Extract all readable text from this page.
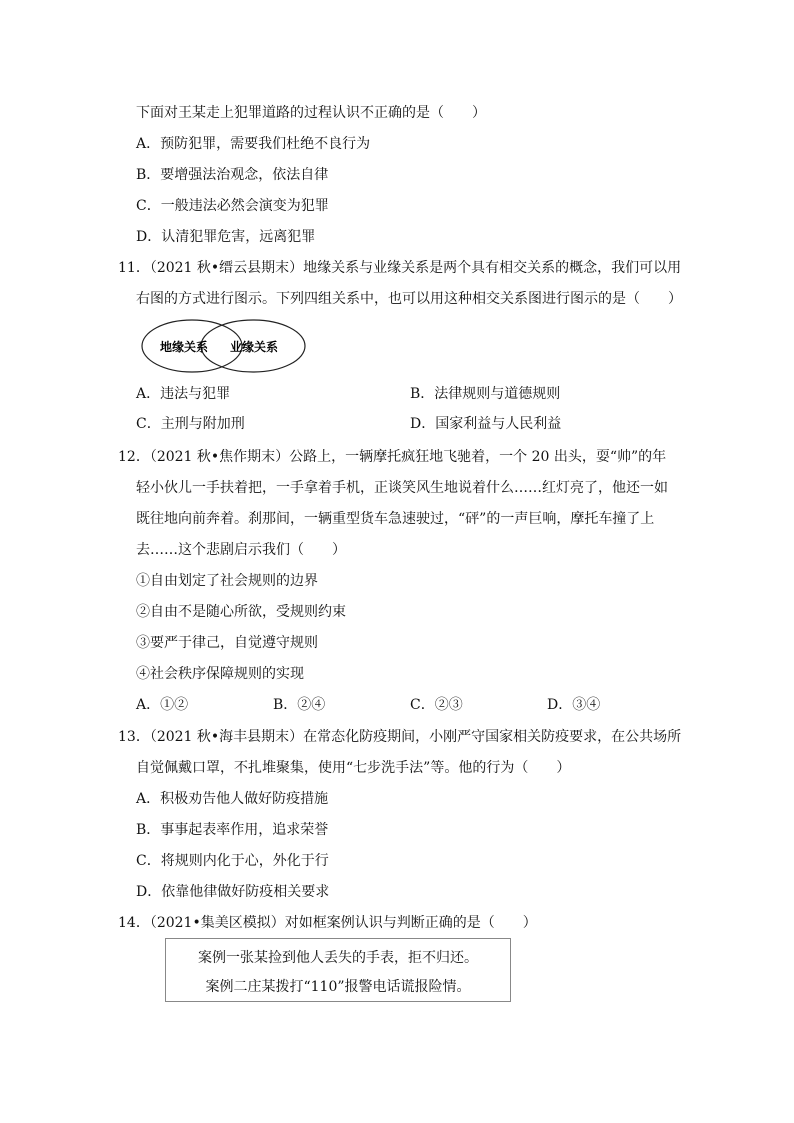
下面对王某走上犯罪道路的过程认识不正确的是（　　）
A．预防犯罪，需要我们杜绝不良行为
B．要增强法治观念，依法自律
C．一般违法必然会演变为犯罪
D．认清犯罪危害，远离犯罪
11．（2021 秋•缙云县期末）地缘关系与业缘关系是两个具有相交关系的概念，我们可以用
右图的方式进行图示。下列四组关系中，也可以用这种相交关系图进行图示的是（　　）
地缘关系 业缘关系
A．违法与犯罪	B．法律规则与道德规则
C．主刑与附加刑	D．国家利益与人民利益
12．（2021 秋•焦作期末）公路上，一辆摩托疯狂地飞驰着，一个 20 出头，耍“帅”的年
轻小伙儿一手扶着把，一手拿着手机，正谈笑风生地说着什么……红灯亮了，他还一如
既往地向前奔着。刹那间，一辆重型货车急速驶过，“砰”的一声巨响，摩托车撞了上
去……这个悲剧启示我们（　　）
①自由划定了社会规则的边界
②自由不是随心所欲，受规则约束
③要严于律己，自觉遵守规则
④社会秩序保障规则的实现
A．①②	B．②④	C．②③	D．③④
13．（2021 秋•海丰县期末）在常态化防疫期间，小刚严守国家相关防疫要求，在公共场所
自觉佩戴口罩，不扎堆聚集，使用“七步洗手法”等。他的行为（　　）
A．积极劝告他人做好防疫措施
B．事事起表率作用，追求荣誉
C．将规则内化于心，外化于行
D．依靠他律做好防疫相关要求
14．（2021•集美区模拟）对如框案例认识与判断正确的是（　　）
案例一张某捡到他人丢失的手表，拒不归还。
案例二庄某拨打“110”报警电话谎报险情。
